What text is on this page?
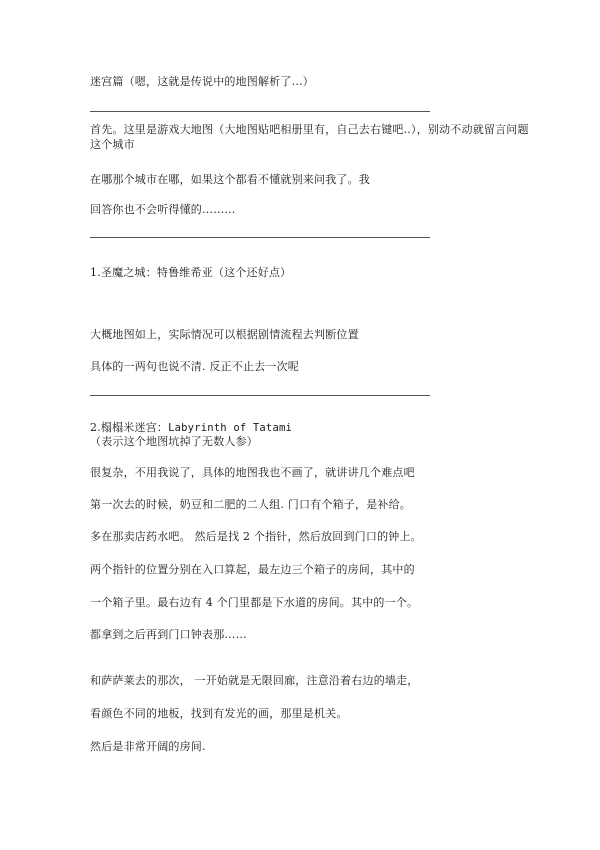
迷宫篇（嗯，这就是传说中的地图解析了…）
首先。这里是游戏大地图（大地图贴吧相册里有，自己去右键吧..），别动不动就留言问题这个城市
在哪那个城市在哪，如果这个都看不懂就别来问我了。我
回答你也不会听得懂的………
1.圣魔之城：特鲁维希亚（这个还好点）
大概地图如上，实际情况可以根据剧情流程去判断位置
具体的一两句也说不清. 反正不止去一次呢
2.榻榻米迷宫：Labyrinth of Tatami
（表示这个地图坑掉了无数人参）
很复杂，不用我说了，具体的地图我也不画了，就讲讲几个难点吧
第一次去的时候，奶豆和二肥的二人组. 门口有个箱子，是补给。
多在那卖店药水吧。 然后是找 2 个指针，然后放回到门口的钟上。
两个指针的位置分别在入口算起，最左边三个箱子的房间，其中的
一个箱子里。最右边有 4 个门里都是下水道的房间。其中的一个。
都拿到之后再到门口钟表那……
和萨萨莱去的那次， 一开始就是无限回廊，注意沿着右边的墙走，
看颜色不同的地板，找到有发光的画，那里是机关。
然后是非常开阔的房间.
